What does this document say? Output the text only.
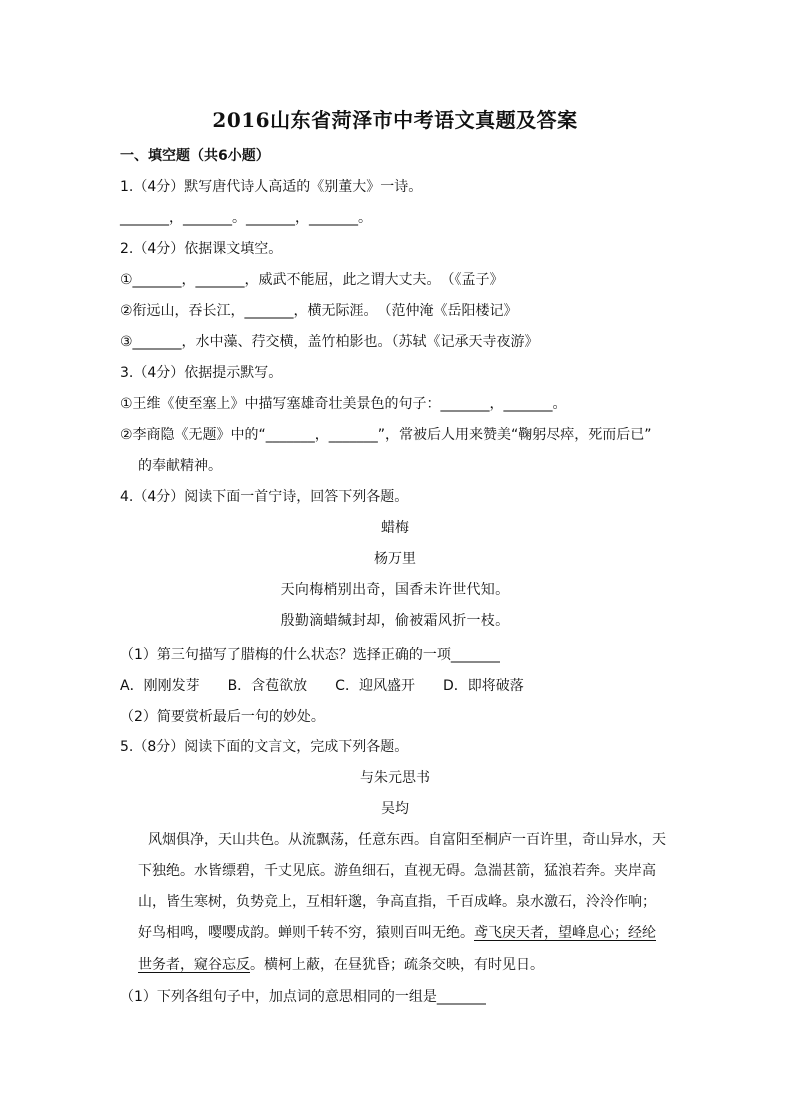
2016山东省菏泽市中考语文真题及答案
一、填空题（共6小题）
1.（4分）默写唐代诗人高适的《别董大》一诗。
_______，_______。_______，_______。
2.（4分）依据课文填空。
①_______，_______，威武不能屈，此之谓大丈夫。　（《孟子》
②衔远山，吞长江，_______，横无际涯。　（范仲淹《岳阳楼记》
③_______，水中藻、荇交横，盖竹柏影也。（苏轼《记承天寺夜游》
3.（4分）依据提示默写。
①王维《使至塞上》中描写塞雄奇壮美景色的句子：_______，_______。
②李商隐《无题》中的“_______，_______”，常被后人用来赞美“鞠躬尽瘁，死而后已”
的奉献精神。
4.（4分）阅读下面一首宁诗，回答下列各题。
蜡梅
杨万里
天向梅梢别出奇，国香未许世代知。
殷勤滴蜡缄封却，偷被霜风折一枝。
（1）第三句描写了腊梅的什么状态？选择正确的一项_______
A．刚刚发芽　　B．含苞欲放　　C．迎风盛开　　D．即将破落
（2）简要赏析最后一句的妙处。
5.（8分）阅读下面的文言文，完成下列各题。
与朱元思书
吴均
风烟俱净，天山共色。从流飘荡，任意东西。自富阳至桐庐一百许里，奇山异水，天
下独绝。水皆缥碧，千丈见底。游鱼细石，直视无碍。急湍甚箭，猛浪若奔。夹岸高
山，皆生寒树，负势竞上，互相轩邈，争高直指，千百成峰。泉水激石，泠泠作响；
好鸟相鸣，嘤嘤成韵。蝉则千转不穷，猿则百叫无绝。鸢飞戾天者，望峰息心；经纶
世务者，窥谷忘反。横柯上蔽，在昼犹昏；疏条交映，有时见日。
（1）下列各组句子中，加点词的意思相同的一组是_______
